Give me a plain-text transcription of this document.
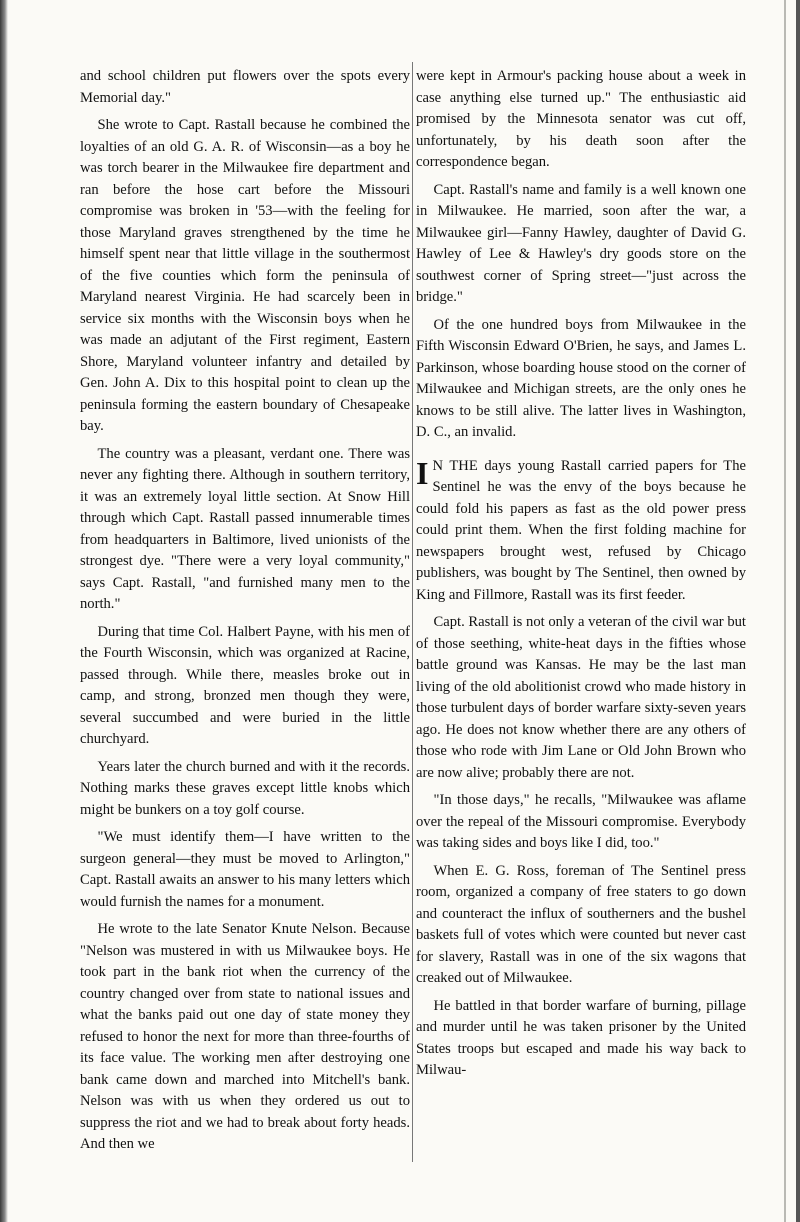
and school children put flowers over the spots every Memorial day."

She wrote to Capt. Rastall because he combined the loyalties of an old G. A. R. of Wisconsin—as a boy he was torch bearer in the Milwaukee fire department and ran before the hose cart before the Missouri compromise was broken in '53—with the feeling for those Maryland graves strengthened by the time he himself spent near that little village in the southermost of the five counties which form the peninsula of Maryland nearest Virginia. He had scarcely been in service six months with the Wisconsin boys when he was made an adjutant of the First regiment, Eastern Shore, Maryland volunteer infantry and detailed by Gen. John A. Dix to this hospital point to clean up the peninsula forming the eastern boundary of Chesapeake bay.

The country was a pleasant, verdant one. There was never any fighting there. Although in southern territory, it was an extremely loyal little section. At Snow Hill through which Capt. Rastall passed innumerable times from headquarters in Baltimore, lived unionists of the strongest dye. "There were a very loyal community," says Capt. Rastall, "and furnished many men to the north."

During that time Col. Halbert Payne, with his men of the Fourth Wisconsin, which was organized at Racine, passed through. While there, measles broke out in camp, and strong, bronzed men though they were, several succumbed and were buried in the little churchyard.

Years later the church burned and with it the records. Nothing marks these graves except little knobs which might be bunkers on a toy golf course.

"We must identify them—I have written to the surgeon general—they must be moved to Arlington," Capt. Rastall awaits an answer to his many letters which would furnish the names for a monument.

He wrote to the late Senator Knute Nelson. Because "Nelson was mustered in with us Milwaukee boys. He took part in the bank riot when the currency of the country changed over from state to national issues and what the banks paid out one day of state money they refused to honor the next for more than three-fourths of its face value. The working men after destroying one bank came down and marched into Mitchell's bank. Nelson was with us when they ordered us out to suppress the riot and we had to break about forty heads. And then we

were kept in Armour's packing house about a week in case anything else turned up." The enthusiastic aid promised by the Minnesota senator was cut off, unfortunately, by his death soon after the correspondence began.

Capt. Rastall's name and family is a well known one in Milwaukee. He married, soon after the war, a Milwaukee girl—Fanny Hawley, daughter of David G. Hawley of Lee & Hawley's dry goods store on the southwest corner of Spring street—"just across the bridge."

Of the one hundred boys from Milwaukee in the Fifth Wisconsin Edward O'Brien, he says, and James L. Parkinson, whose boarding house stood on the corner of Milwaukee and Michigan streets, are the only ones he knows to be still alive. The latter lives in Washington, D. C., an invalid.

IN THE days young Rastall carried papers for The Sentinel he was the envy of the boys because he could fold his papers as fast as the old power press could print them. When the first folding machine for newspapers brought west, refused by Chicago publishers, was bought by The Sentinel, then owned by King and Fillmore, Rastall was its first feeder.

Capt. Rastall is not only a veteran of the civil war but of those seething, white-heat days in the fifties whose battle ground was Kansas. He may be the last man living of the old abolitionist crowd who made history in those turbulent days of border warfare sixty-seven years ago. He does not know whether there are any others of those who rode with Jim Lane or Old John Brown who are now alive; probably there are not.

"In those days," he recalls, "Milwaukee was aflame over the repeal of the Missouri compromise. Everybody was taking sides and boys like I did, too."

When E. G. Ross, foreman of The Sentinel press room, organized a company of free staters to go down and counteract the influx of southerners and the bushel baskets full of votes which were counted but never cast for slavery, Rastall was in one of the six wagons that creaked out of Milwaukee.

He battled in that border warfare of burning, pillage and murder until he was taken prisoner by the United States troops but escaped and made his way back to Milwau-
